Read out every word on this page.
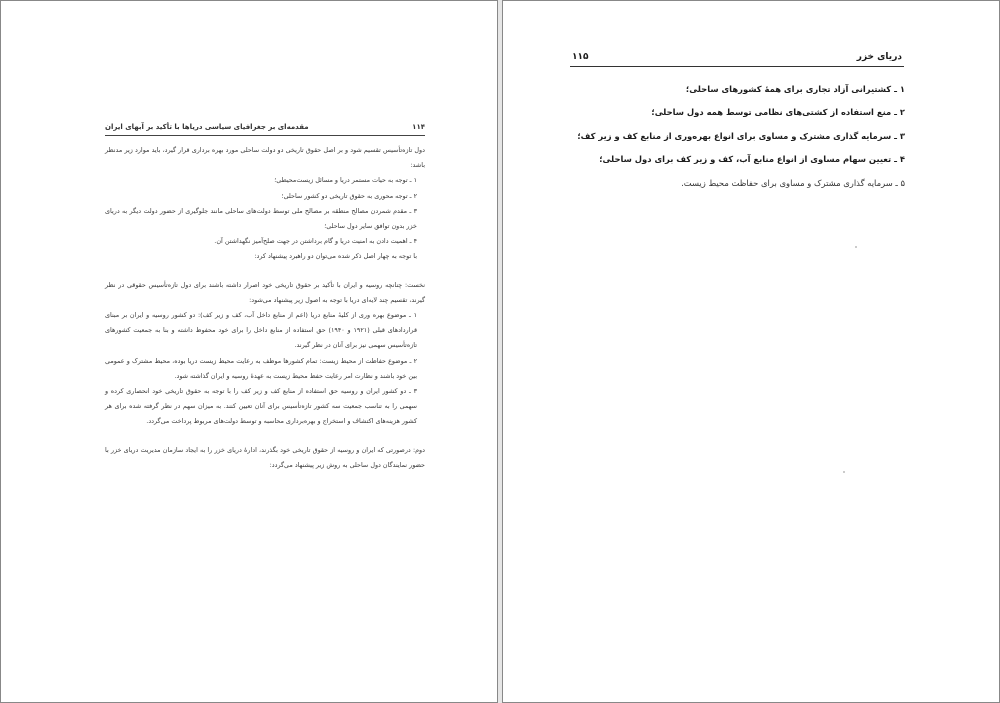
۱۱۴
مقدمه‌ای بر جغرافیای سیاسی دریاها با تأکید بر آبهای ایران

دول تازه‌تأسیس تقسیم شود و بر اصل حقوق تاریخی دو دولت ساحلی مورد بهره برداری قرار گیرد، باید موارد زیر مدنظر باشد:

۱ ـ توجه به حیات مستمر دریا و مسائل زیست‌محیطی؛

۲ ـ توجه محوری به حقوق تاریخی دو کشور ساحلی؛

۳ ـ مقدم شمردن مصالح منطقه بر مصالح ملی توسط دولت‌های ساحلی مانند جلوگیری از حضور دولت دیگر به دریای خزر بدون توافق سایر دول ساحلی؛

۴ ـ اهمیت دادن به امنیت دریا و گام برداشتن در جهت صلح‌آمیز نگهداشتن آن.

با توجه به چهار اصل ذکر شده می‌توان دو راهبرد پیشنهاد کرد:

نخست: چنانچه روسیه و ایران با تأکید بر حقوق تاریخی خود اصرار داشته باشند برای دول تازه‌تأسیس حقوقی در نظر گیرند، تقسیم چند لایه‌ای دریا با توجه به اصول زیر پیشنهاد می‌شود:

۱ ـ موضوع بهره وری از کلیهٔ منابع دریا (اعم از منابع داخل آب، کف و زیر کف): دو کشور روسیه و ایران بر مبنای قراردادهای قبلی (۱۹۲۱ و ۱۹۴۰) حق استفاده از منابع داخل را برای خود محفوظ داشته و بنا به جمعیت کشورهای تازه‌تأسیس سهمی نیز برای آنان در نظر گیرند.

۲ ـ موضوع حفاظت از محیط زیست: تمام کشورها موظف به رعایت محیط زیست دریا بوده، محیط مشترک و عمومی بین خود باشند و نظارت امر رعایت حفظ محیط زیست به عهدهٔ روسیه و ایران گذاشته شود.

۳ ـ دو کشور ایران و روسیه حق استفاده از منابع کف و زیر کف را با توجه به حقوق تاریخی خود انحصاری کرده و سهمی را به تناسب جمعیت سه کشور تازه‌تأسیس برای آنان تعیین کنند. به میزان سهم در نظر گرفته شده برای هر کشور هزینه‌های اکتشاف و استخراج و بهره‌برداری محاسبه و توسط دولت‌های مربوط پرداخت می‌گردد.

دوم: درصورتی که ایران و روسیه از حقوق تاریخی خود بگذرند، ادارهٔ دریای خزر را به ایجاد سازمان مدیریت دریای خزر با حضور نمایندگان دول ساحلی به روش زیر پیشنهاد می‌گردد:

دریای خزر
۱۱۵

۱ ـ کشتیرانی آزاد تجاری برای همهٔ کشورهای ساحلی؛

۲ ـ منع استفاده از کشتی‌های نظامی توسط همه دول ساحلی؛

۳ ـ سرمایه گذاری مشترک و مساوی برای انواع بهره‌وری از منابع کف و زیر کف؛

۴ ـ تعیین سهام مساوی از انواع منابع آب، کف و زیر کف برای دول ساحلی؛

۵ ـ سرمایه گذاری مشترک و مساوی برای حفاظت محیط زیست.
